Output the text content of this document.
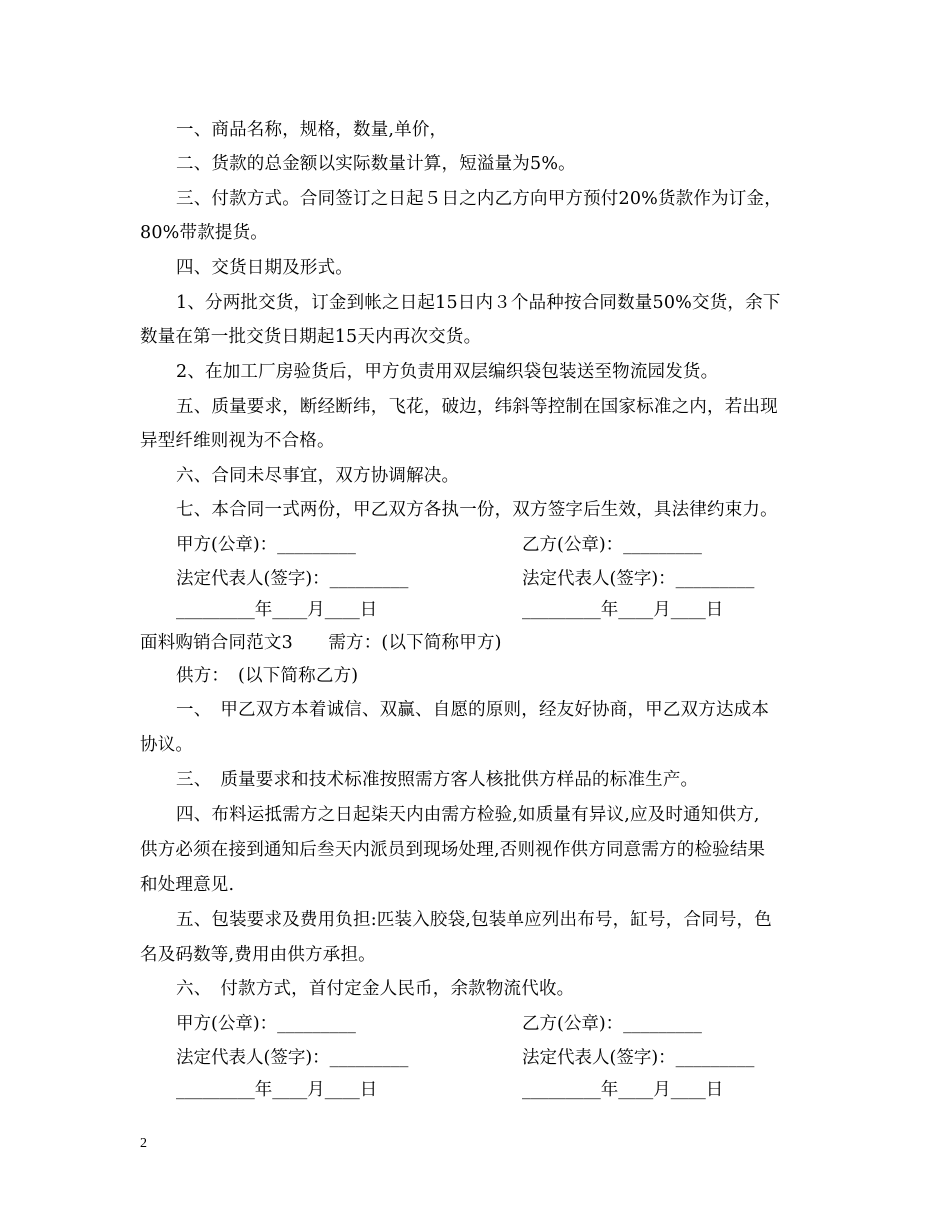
一、商品名称，规格，数量,单价，
二、货款的总金额以实际数量计算，短溢量为5%。
三、付款方式。合同签订之日起５日之内乙方向甲方预付20%货款作为订金，
80%带款提货。
四、交货日期及形式。
1、分两批交货，订金到帐之日起15日内３个品种按合同数量50%交货，余下
数量在第一批交货日期起15天内再次交货。
2、在加工厂房验货后，甲方负责用双层编织袋包装送至物流园发货。
五、质量要求，断经断纬，飞花，破边，纬斜等控制在国家标准之内，若出现
异型纤维则视为不合格。
六、合同未尽事宜，双方协调解决。
七、本合同一式两份，甲乙双方各执一份，双方签字后生效，具法律约束力。
甲方(公章)：_________	乙方(公章)：_________
法定代表人(签字)：_________	法定代表人(签字)：_________
_________年____月____日	_________年____月____日
面料购销合同范文3　　需方：(以下简称甲方)
供方：　(以下简称乙方)
一、　甲乙双方本着诚信、双赢、自愿的原则，经友好协商，甲乙双方达成本
协议。
三、　质量要求和技术标准按照需方客人核批供方样品的标准生产。
四、布料运抵需方之日起柒天内由需方检验,如质量有异议,应及时通知供方,
供方必须在接到通知后叁天内派员到现场处理,否则视作供方同意需方的检验结果
和处理意见.
五、包装要求及费用负担:匹装入胶袋,包装单应列出布号，缸号，合同号，色
名及码数等,费用由供方承担。
六、　付款方式，首付定金人民币，余款物流代收。
甲方(公章)：_________	乙方(公章)：_________
法定代表人(签字)：_________	法定代表人(签字)：_________
_________年____月____日	_________年____月____日
2
